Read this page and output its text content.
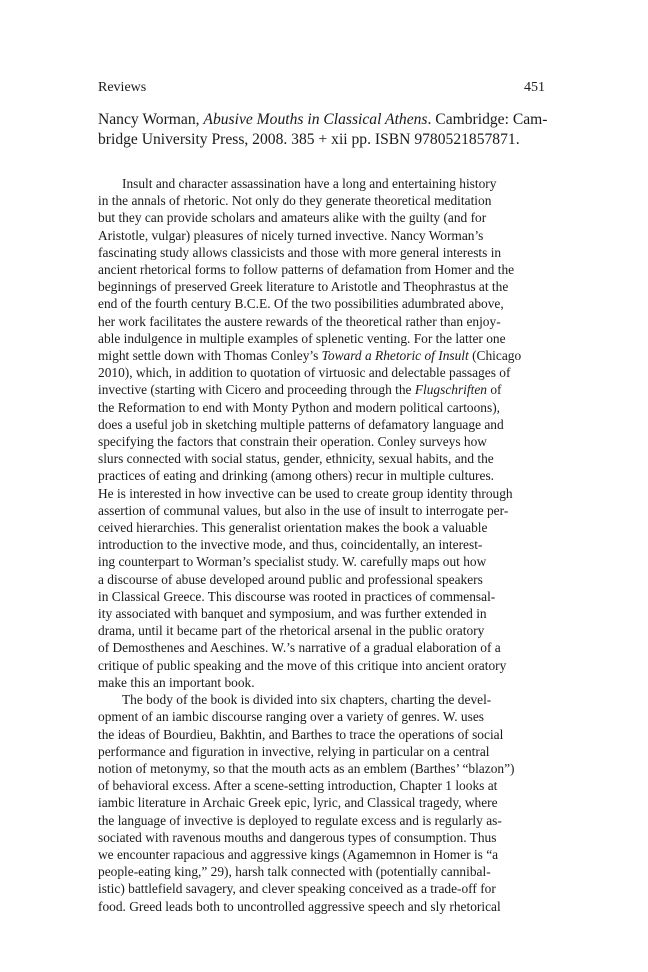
Reviews	451
Nancy Worman, Abusive Mouths in Classical Athens. Cambridge: Cam-
bridge University Press, 2008. 385 + xii pp. ISBN 9780521857871.
Insult and character assassination have a long and entertaining history
in the annals of rhetoric. Not only do they generate theoretical meditation
but they can provide scholars and amateurs alike with the guilty (and for
Aristotle, vulgar) pleasures of nicely turned invective. Nancy Worman’s
fascinating study allows classicists and those with more general interests in
ancient rhetorical forms to follow patterns of defamation from Homer and the
beginnings of preserved Greek literature to Aristotle and Theophrastus at the
end of the fourth century B.C.E. Of the two possibilities adumbrated above,
her work facilitates the austere rewards of the theoretical rather than enjoy-
able indulgence in multiple examples of splenetic venting. For the latter one
might settle down with Thomas Conley’s Toward a Rhetoric of Insult (Chicago
2010), which, in addition to quotation of virtuosic and delectable passages of
invective (starting with Cicero and proceeding through the Flugschriften of
the Reformation to end with Monty Python and modern political cartoons),
does a useful job in sketching multiple patterns of defamatory language and
specifying the factors that constrain their operation. Conley surveys how
slurs connected with social status, gender, ethnicity, sexual habits, and the
practices of eating and drinking (among others) recur in multiple cultures.
He is interested in how invective can be used to create group identity through
assertion of communal values, but also in the use of insult to interrogate per-
ceived hierarchies. This generalist orientation makes the book a valuable
introduction to the invective mode, and thus, coincidentally, an interest-
ing counterpart to Worman’s specialist study. W. carefully maps out how
a discourse of abuse developed around public and professional speakers
in Classical Greece. This discourse was rooted in practices of commensal-
ity associated with banquet and symposium, and was further extended in
drama, until it became part of the rhetorical arsenal in the public oratory
of Demosthenes and Aeschines. W.’s narrative of a gradual elaboration of a
critique of public speaking and the move of this critique into ancient oratory
make this an important book.
The body of the book is divided into six chapters, charting the devel-
opment of an iambic discourse ranging over a variety of genres. W. uses
the ideas of Bourdieu, Bakhtin, and Barthes to trace the operations of social
performance and figuration in invective, relying in particular on a central
notion of metonymy, so that the mouth acts as an emblem (Barthes’ “blazon”)
of behavioral excess. After a scene-setting introduction, Chapter 1 looks at
iambic literature in Archaic Greek epic, lyric, and Classical tragedy, where
the language of invective is deployed to regulate excess and is regularly as-
sociated with ravenous mouths and dangerous types of consumption. Thus
we encounter rapacious and aggressive kings (Agamemnon in Homer is “a
people-eating king,” 29), harsh talk connected with (potentially cannibal-
istic) battlefield savagery, and clever speaking conceived as a trade-off for
food. Greed leads both to uncontrolled aggressive speech and sly rhetorical
